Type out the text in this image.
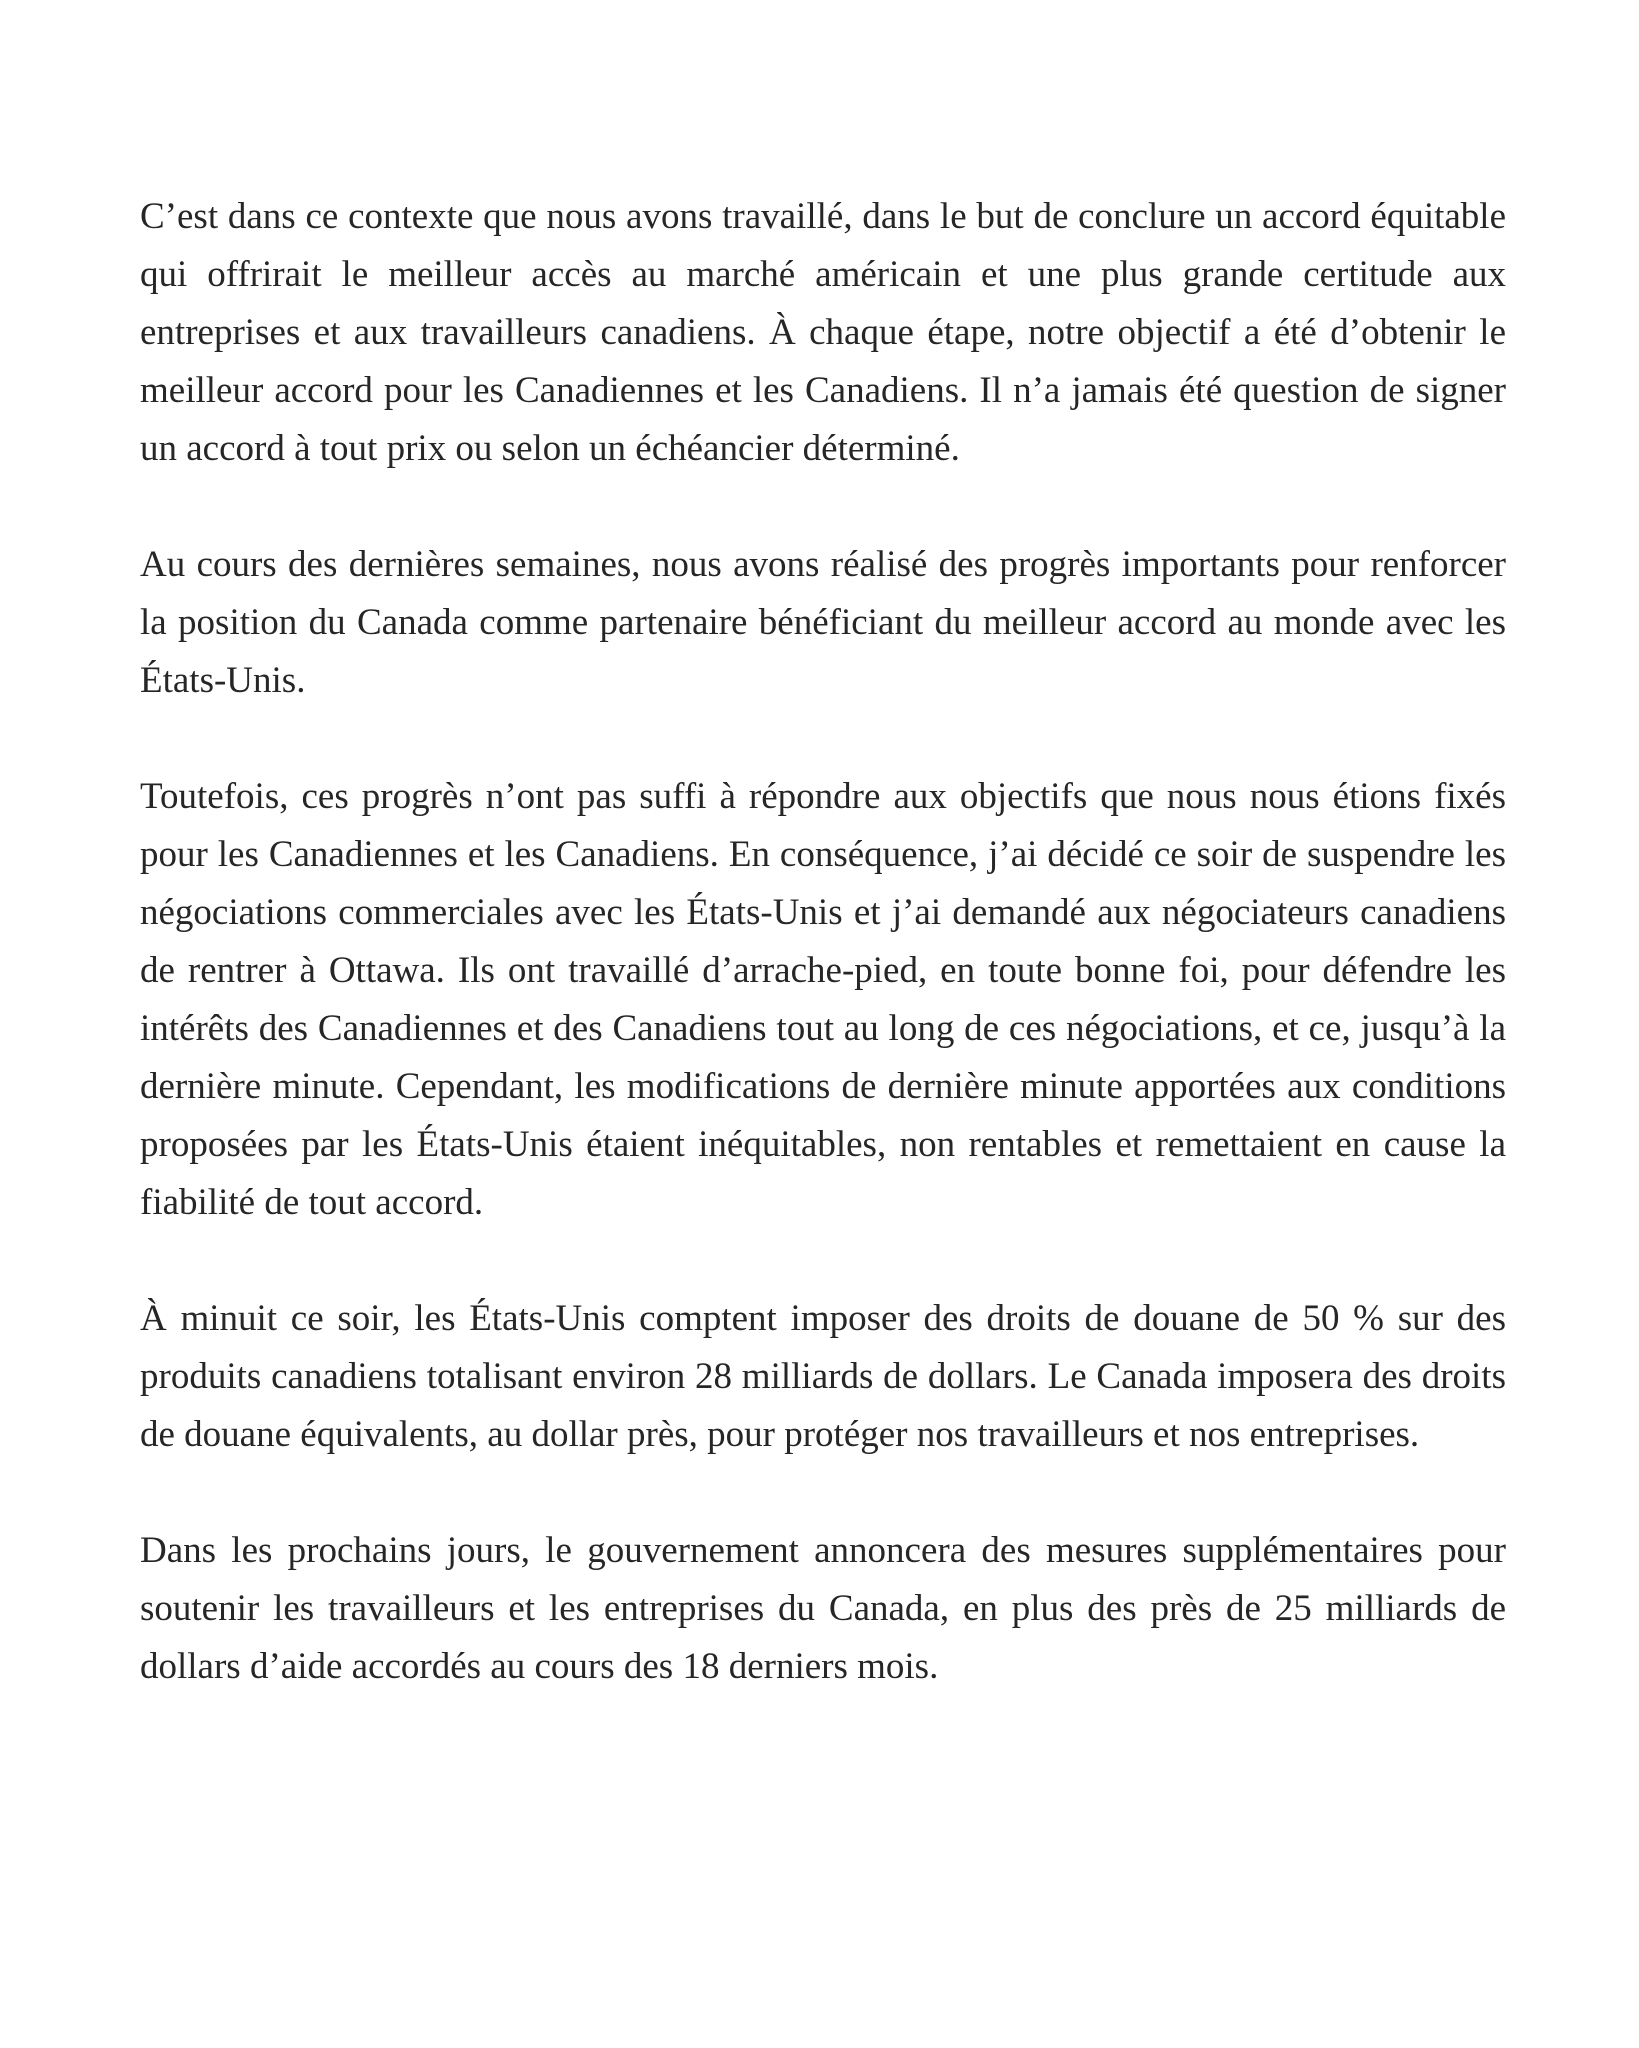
C’est dans ce contexte que nous avons travaillé, dans le but de conclure un accord équitable qui offrirait le meilleur accès au marché américain et une plus grande certitude aux entreprises et aux travailleurs canadiens. À chaque étape, notre objectif a été d’obtenir le meilleur accord pour les Canadiennes et les Canadiens. Il n’a jamais été question de signer un accord à tout prix ou selon un échéancier déterminé.

Au cours des dernières semaines, nous avons réalisé des progrès importants pour renforcer la position du Canada comme partenaire bénéficiant du meilleur accord au monde avec les États-Unis.

Toutefois, ces progrès n’ont pas suffi à répondre aux objectifs que nous nous étions fixés pour les Canadiennes et les Canadiens. En conséquence, j’ai décidé ce soir de suspendre les négociations commerciales avec les États-Unis et j’ai demandé aux négociateurs canadiens de rentrer à Ottawa. Ils ont travaillé d’arrache-pied, en toute bonne foi, pour défendre les intérêts des Canadiennes et des Canadiens tout au long de ces négociations, et ce, jusqu’à la dernière minute. Cependant, les modifications de dernière minute apportées aux conditions proposées par les États-Unis étaient inéquitables, non rentables et remettaient en cause la fiabilité de tout accord.

À minuit ce soir, les États-Unis comptent imposer des droits de douane de 50 % sur des produits canadiens totalisant environ 28 milliards de dollars. Le Canada imposera des droits de douane équivalents, au dollar près, pour protéger nos travailleurs et nos entreprises.

Dans les prochains jours, le gouvernement annoncera des mesures supplémentaires pour soutenir les travailleurs et les entreprises du Canada, en plus des près de 25 milliards de dollars d’aide accordés au cours des 18 derniers mois.
